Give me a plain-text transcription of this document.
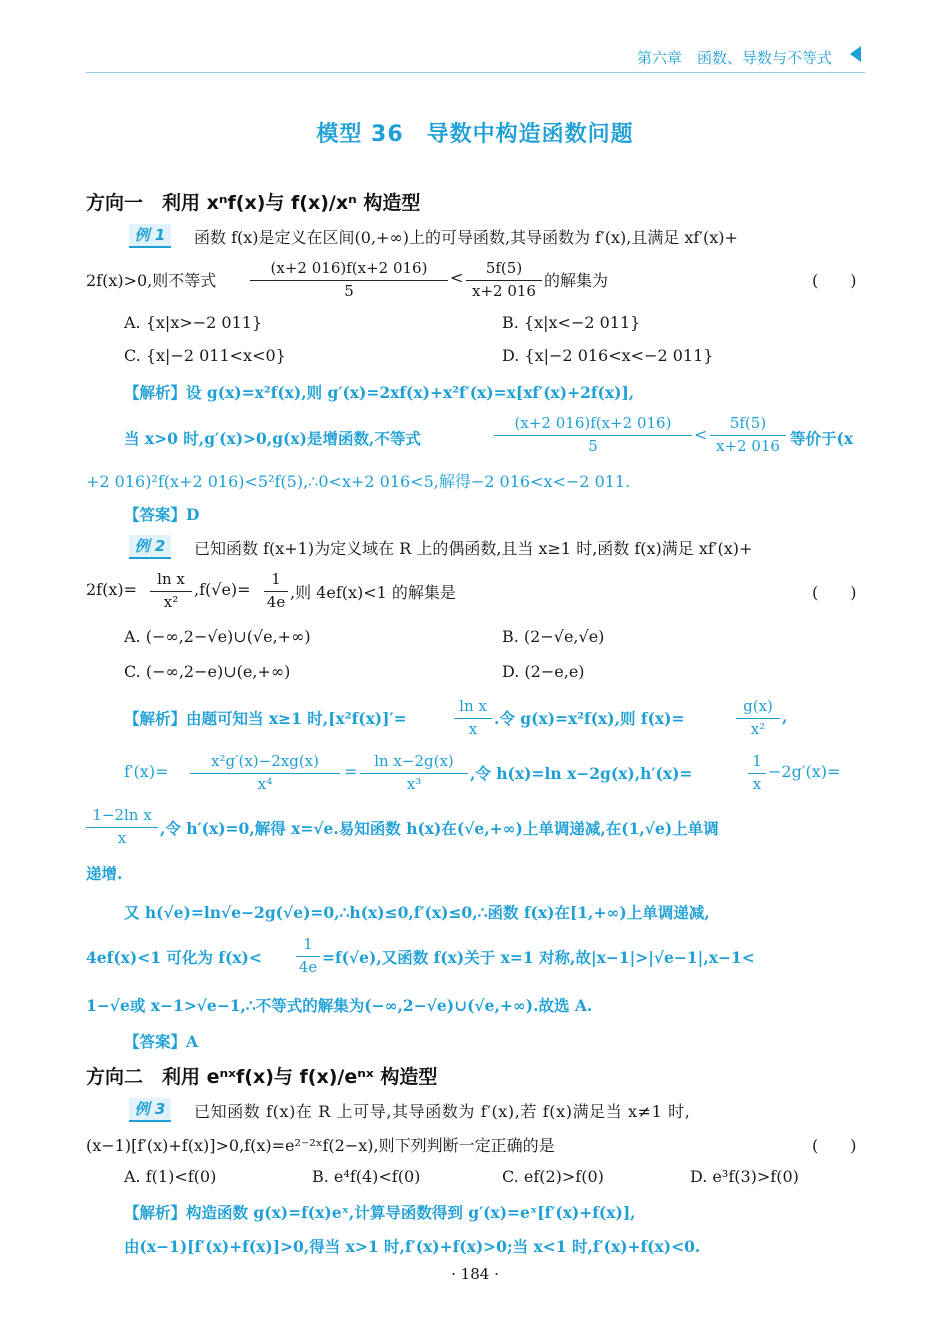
第六章　函数、导数与不等式
模型 36　导数中构造函数问题
方向一　利用 xⁿf(x)与 f(x)/xⁿ 构造型
例 1	函数 f(x)是定义在区间(0,+∞)上的可导函数,其导函数为 f′(x),且满足 xf′(x)+
2f(x)>0,则不等式
(x+2 016)f(x+2 016)
5
<	5f(5)
x+2 016
的解集为	(　　)
A. {x|x>−2 011}	B. {x|x<−2 011}
C. {x|−2 011<x<0}	D. {x|−2 016<x<−2 011}
【解析】设 g(x)=x²f(x),则 g′(x)=2xf(x)+x²f′(x)=x[xf′(x)+2f(x)],
当 x>0 时,g′(x)>0,g(x)是增函数,不等式
(x+2 016)f(x+2 016)
5
<
5f(5)
x+2 016 等价于(x
+2 016)²f(x+2 016)<5²f(5),∴0<x+2 016<5,解得−2 016<x<−2 011.
【答案】D
例 2	已知函数 f(x+1)为定义域在 R 上的偶函数,且当 x≥1 时,函数 f(x)满足 xf′(x)+
2f(x)=
ln x
x²
,f(√e)=
1
4e ,则 4ef(x)<1 的解集是	(　　)
A. (−∞,2−√e)∪(√e,+∞)	B. (2−√e,√e)
C. (−∞,2−e)∪(e,+∞)	D. (2−e,e)
【解析】由题可知当 x≥1 时,[x²f(x)]′=
ln x
x
.令 g(x)=x²f(x),则 f(x)=
g(x)
x²
,
f′(x)=
x²g′(x)−2xg(x)
x⁴
=
ln x−2g(x)
x³
,令 h(x)=ln x−2g(x),h′(x)=
1
x
−2g′(x)=
1−2ln x
x	,令 h′(x)=0,解得 x=√e.易知函数 h(x)在(√e,+∞)上单调递减,在(1,√e)上单调
递增.
又 h(√e)=ln√e−2g(√e)=0,∴h(x)≤0,f′(x)≤0,∴函数 f(x)在[1,+∞)上单调递减,
4ef(x)<1 可化为 f(x)<
1
4e =f(√e),又函数 f(x)关于 x=1 对称,故|x−1|>|√e−1|,x−1<
1−√e或 x−1>√e−1,∴不等式的解集为(−∞,2−√e)∪(√e,+∞).故选 A.
【答案】A
方向二　利用 eⁿˣf(x)与 f(x)/eⁿˣ 构造型
例 3	已知函数 f(x)在 R 上可导,其导函数为 f′(x),若 f(x)满足当 x≠1 时,
(x−1)[f′(x)+f(x)]>0,f(x)=e²⁻²ˣf(2−x),则下列判断一定正确的是	(　　)
A. f(1)<f(0)	B. e⁴f(4)<f(0)	C. ef(2)>f(0)	D. e³f(3)>f(0)
【解析】构造函数 g(x)=f(x)eˣ,计算导函数得到 g′(x)=eˣ[f′(x)+f(x)],
由(x−1)[f′(x)+f(x)]>0,得当 x>1 时,f′(x)+f(x)>0;当 x<1 时,f′(x)+f(x)<0.
· 184 ·
